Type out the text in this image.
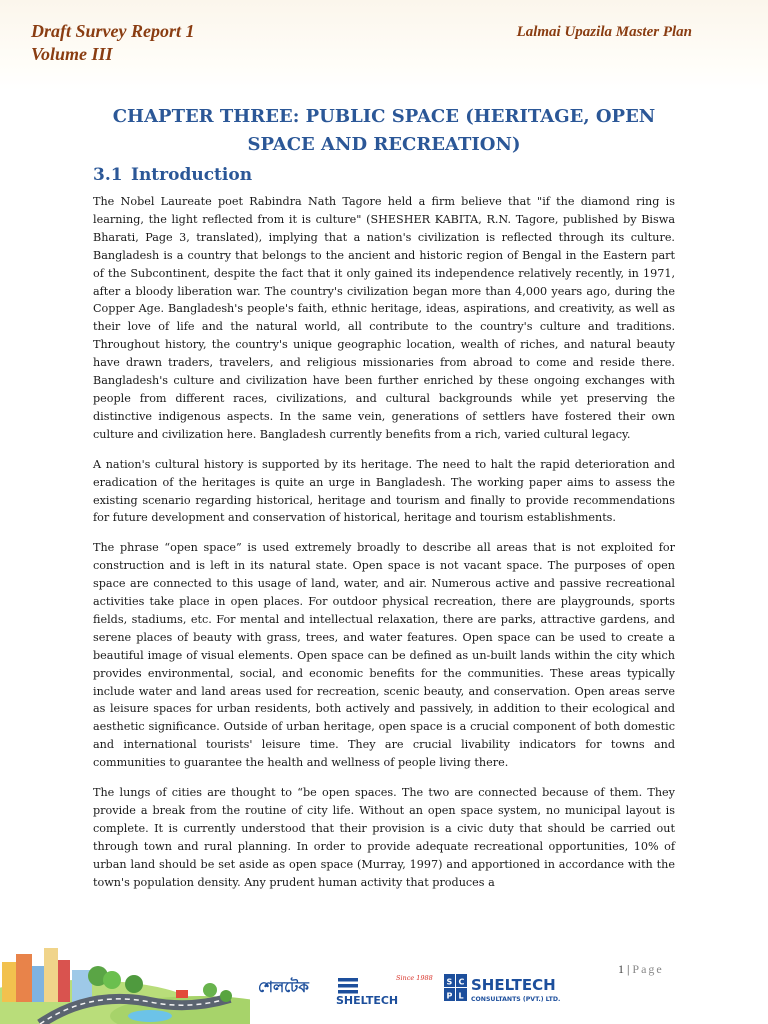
Draft Survey Report 1
Volume III
Lalmai Upazila Master Plan
CHAPTER THREE: PUBLIC SPACE (HERITAGE, OPEN SPACE AND RECREATION)
3.1 Introduction

The Nobel Laureate poet Rabindra Nath Tagore held a firm believe that "if the diamond ring is learning, the light reflected from it is culture" (SHESHER KABITA, R.N. Tagore, published by Biswa Bharati, Page 3, translated), implying that a nation's civilization is reflected through its culture. Bangladesh is a country that belongs to the ancient and historic region of Bengal in the Eastern part of the Subcontinent, despite the fact that it only gained its independence relatively recently, in 1971, after a bloody liberation war. The country's civilization began more than 4,000 years ago, during the Copper Age. Bangladesh's people's faith, ethnic heritage, ideas, aspirations, and creativity, as well as their love of life and the natural world, all contribute to the country's culture and traditions. Throughout history, the country's unique geographic location, wealth of riches, and natural beauty have drawn traders, travelers, and religious missionaries from abroad to come and reside there. Bangladesh's culture and civilization have been further enriched by these ongoing exchanges with people from different races, civilizations, and cultural backgrounds while yet preserving the distinctive indigenous aspects. In the same vein, generations of settlers have fostered their own culture and civilization here. Bangladesh currently benefits from a rich, varied cultural legacy.

A nation's cultural history is supported by its heritage. The need to halt the rapid deterioration and eradication of the heritages is quite an urge in Bangladesh. The working paper aims to assess the existing scenario regarding historical, heritage and tourism and finally to provide recommendations for future development and conservation of historical, heritage and tourism establishments.

The phrase “open space” is used extremely broadly to describe all areas that is not exploited for construction and is left in its natural state. Open space is not vacant space. The purposes of open space are connected to this usage of land, water, and air. Numerous active and passive recreational activities take place in open places. For outdoor physical recreation, there are playgrounds, sports fields, stadiums, etc. For mental and intellectual relaxation, there are parks, attractive gardens, and serene places of beauty with grass, trees, and water features. Open space can be used to create a beautiful image of visual elements. Open space can be defined as un-built lands within the city which provides environmental, social, and economic benefits for the communities. These areas typically include water and land areas used for recreation, scenic beauty, and conservation. Open areas serve as leisure spaces for urban residents, both actively and passively, in addition to their ecological and aesthetic significance. Outside of urban heritage, open space is a crucial component of both domestic and international tourists' leisure time. They are crucial livability indicators for towns and communities to guarantee the health and wellness of people living there.

The lungs of cities are thought to “be open spaces. The two are connected because of them. They provide a break from the routine of city life. Without an open space system, no municipal layout is complete. It is currently understood that their provision is a civic duty that should be carried out through town and rural planning. In order to provide adequate recreational opportunities, 10% of urban land should be set aside as open space (Murray, 1997) and apportioned in accordance with the town's population density. Any prudent human activity that produces a

1 | Page
শেলটেক
SHELTECH
Since 1988 S C
P L
SHELTECH
CONSULTANTS (PVT.) LTD.
